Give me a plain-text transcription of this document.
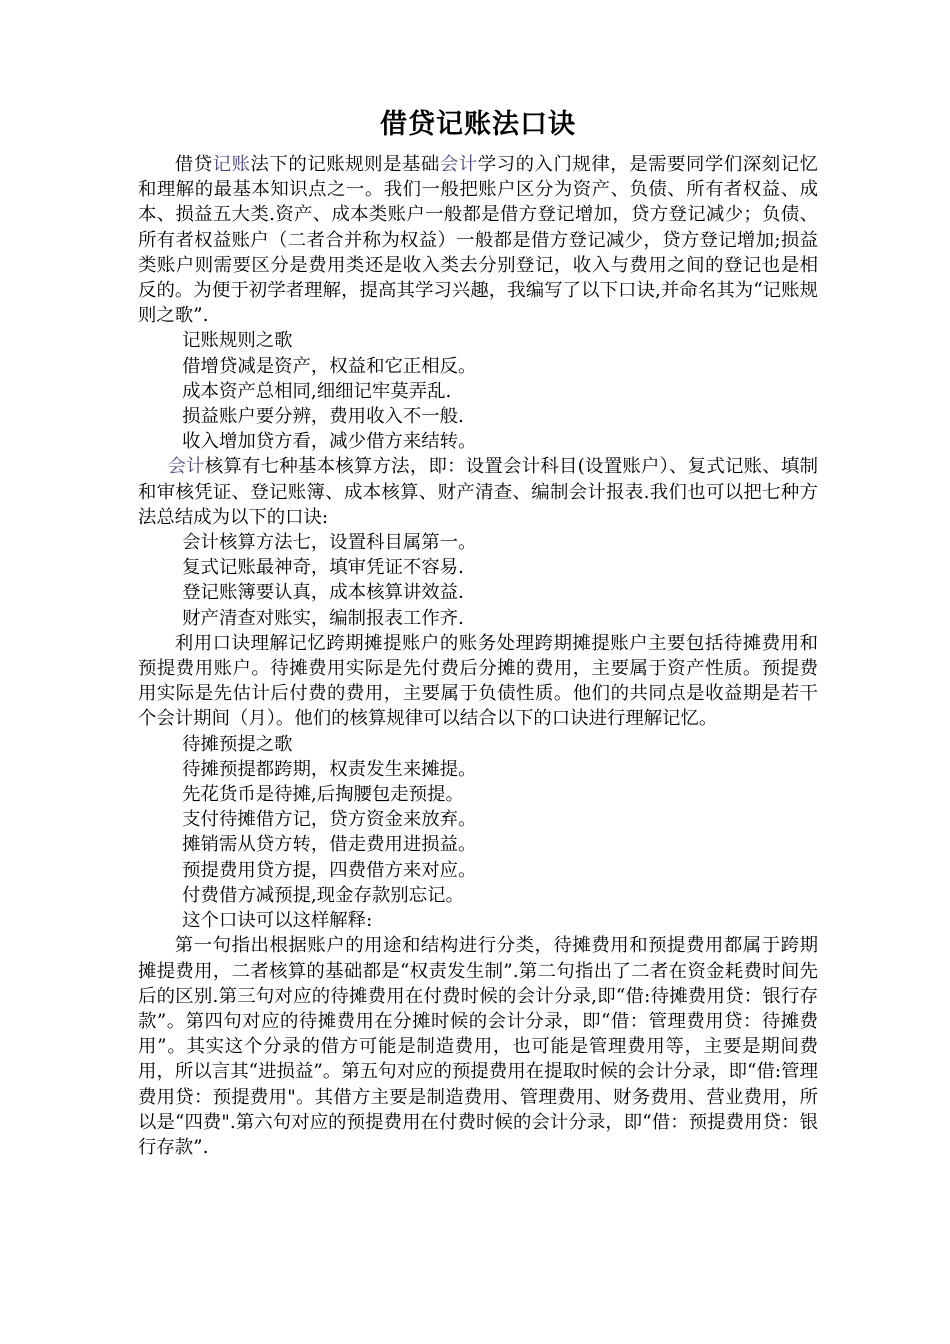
借贷记账法口诀

借贷记账法下的记账规则是基础会计学习的入门规律，是需要同学们深刻记忆和理解的最基本知识点之一。我们一般把账户区分为资产、负债、所有者权益、成本、损益五大类.资产、成本类账户一般都是借方登记增加，贷方登记减少；负债、所有者权益账户（二者合并称为权益）一般都是借方登记减少，贷方登记增加;损益类账户则需要区分是费用类还是收入类去分别登记，收入与费用之间的登记也是相反的。为便于初学者理解，提高其学习兴趣，我编写了以下口诀,并命名其为“记账规则之歌”.

记账规则之歌

借增贷减是资产，权益和它正相反。

成本资产总相同,细细记牢莫弄乱.

损益账户要分辨，费用收入不一般.

收入增加贷方看，减少借方来结转。

会计核算有七种基本核算方法，即：设置会计科目(设置账户）、复式记账、填制和审核凭证、登记账簿、成本核算、财产清查、编制会计报表.我们也可以把七种方法总结成为以下的口诀:

会计核算方法七，设置科目属第一。

复式记账最神奇，填审凭证不容易.

登记账簿要认真，成本核算讲效益.

财产清查对账实，编制报表工作齐.

利用口诀理解记忆跨期摊提账户的账务处理跨期摊提账户主要包括待摊费用和预提费用账户。待摊费用实际是先付费后分摊的费用，主要属于资产性质。预提费用实际是先估计后付费的费用，主要属于负债性质。他们的共同点是收益期是若干个会计期间（月）。他们的核算规律可以结合以下的口诀进行理解记忆。

待摊预提之歌

待摊预提都跨期，权责发生来摊提。

先花货币是待摊,后掏腰包走预提。

支付待摊借方记，贷方资金来放弃。

摊销需从贷方转，借走费用进损益。

预提费用贷方提，四费借方来对应。

付费借方减预提,现金存款别忘记。

这个口诀可以这样解释:

第一句指出根据账户的用途和结构进行分类，待摊费用和预提费用都属于跨期摊提费用，二者核算的基础都是“权责发生制”.第二句指出了二者在资金耗费时间先后的区别.第三句对应的待摊费用在付费时候的会计分录,即“借:待摊费用贷：银行存款”。第四句对应的待摊费用在分摊时候的会计分录，即“借：管理费用贷：待摊费用”。其实这个分录的借方可能是制造费用，也可能是管理费用等，主要是期间费用，所以言其“进损益”。第五句对应的预提费用在提取时候的会计分录，即“借:管理费用贷：预提费用"。其借方主要是制造费用、管理费用、财务费用、营业费用，所以是“四费".第六句对应的预提费用在付费时候的会计分录，即“借：预提费用贷：银行存款”.
